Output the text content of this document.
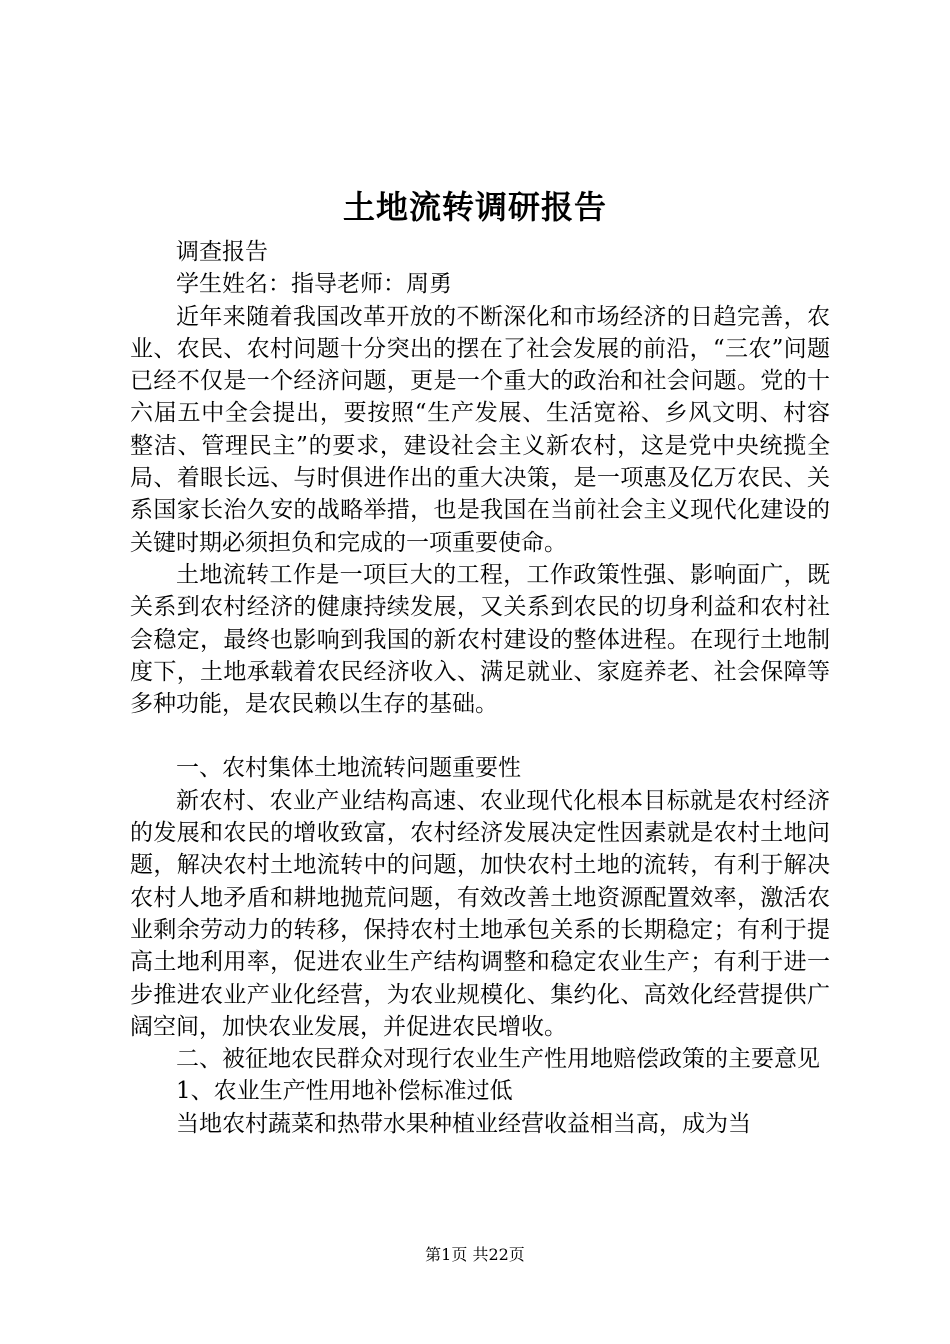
土地流转调研报告

调查报告

学生姓名：指导老师：周勇

近年来随着我国改革开放的不断深化和市场经济的日趋完善，农业、农民、农村问题十分突出的摆在了社会发展的前沿，“三农”问题已经不仅是一个经济问题，更是一个重大的政治和社会问题。党的十六届五中全会提出，要按照“生产发展、生活宽裕、乡风文明、村容整洁、管理民主”的要求，建设社会主义新农村，这是党中央统揽全局、着眼长远、与时俱进作出的重大决策，是一项惠及亿万农民、关系国家长治久安的战略举措，也是我国在当前社会主义现代化建设的关键时期必须担负和完成的一项重要使命。

土地流转工作是一项巨大的工程，工作政策性强、影响面广，既关系到农村经济的健康持续发展，又关系到农民的切身利益和农村社会稳定，最终也影响到我国的新农村建设的整体进程。在现行土地制度下，土地承载着农民经济收入、满足就业、家庭养老、社会保障等多种功能，是农民赖以生存的基础。

一、农村集体土地流转问题重要性

新农村、农业产业结构高速、农业现代化根本目标就是农村经济的发展和农民的增收致富，农村经济发展决定性因素就是农村土地问题，解决农村土地流转中的问题，加快农村土地的流转，有利于解决农村人地矛盾和耕地抛荒问题，有效改善土地资源配置效率，激活农业剩余劳动力的转移，保持农村土地承包关系的长期稳定；有利于提高土地利用率，促进农业生产结构调整和稳定农业生产；有利于进一步推进农业产业化经营，为农业规模化、集约化、高效化经营提供广阔空间，加快农业发展，并促进农民增收。

二、被征地农民群众对现行农业生产性用地赔偿政策的主要意见

1、农业生产性用地补偿标准过低

当地农村蔬菜和热带水果种植业经营收益相当高，成为当

第1页 共22页
